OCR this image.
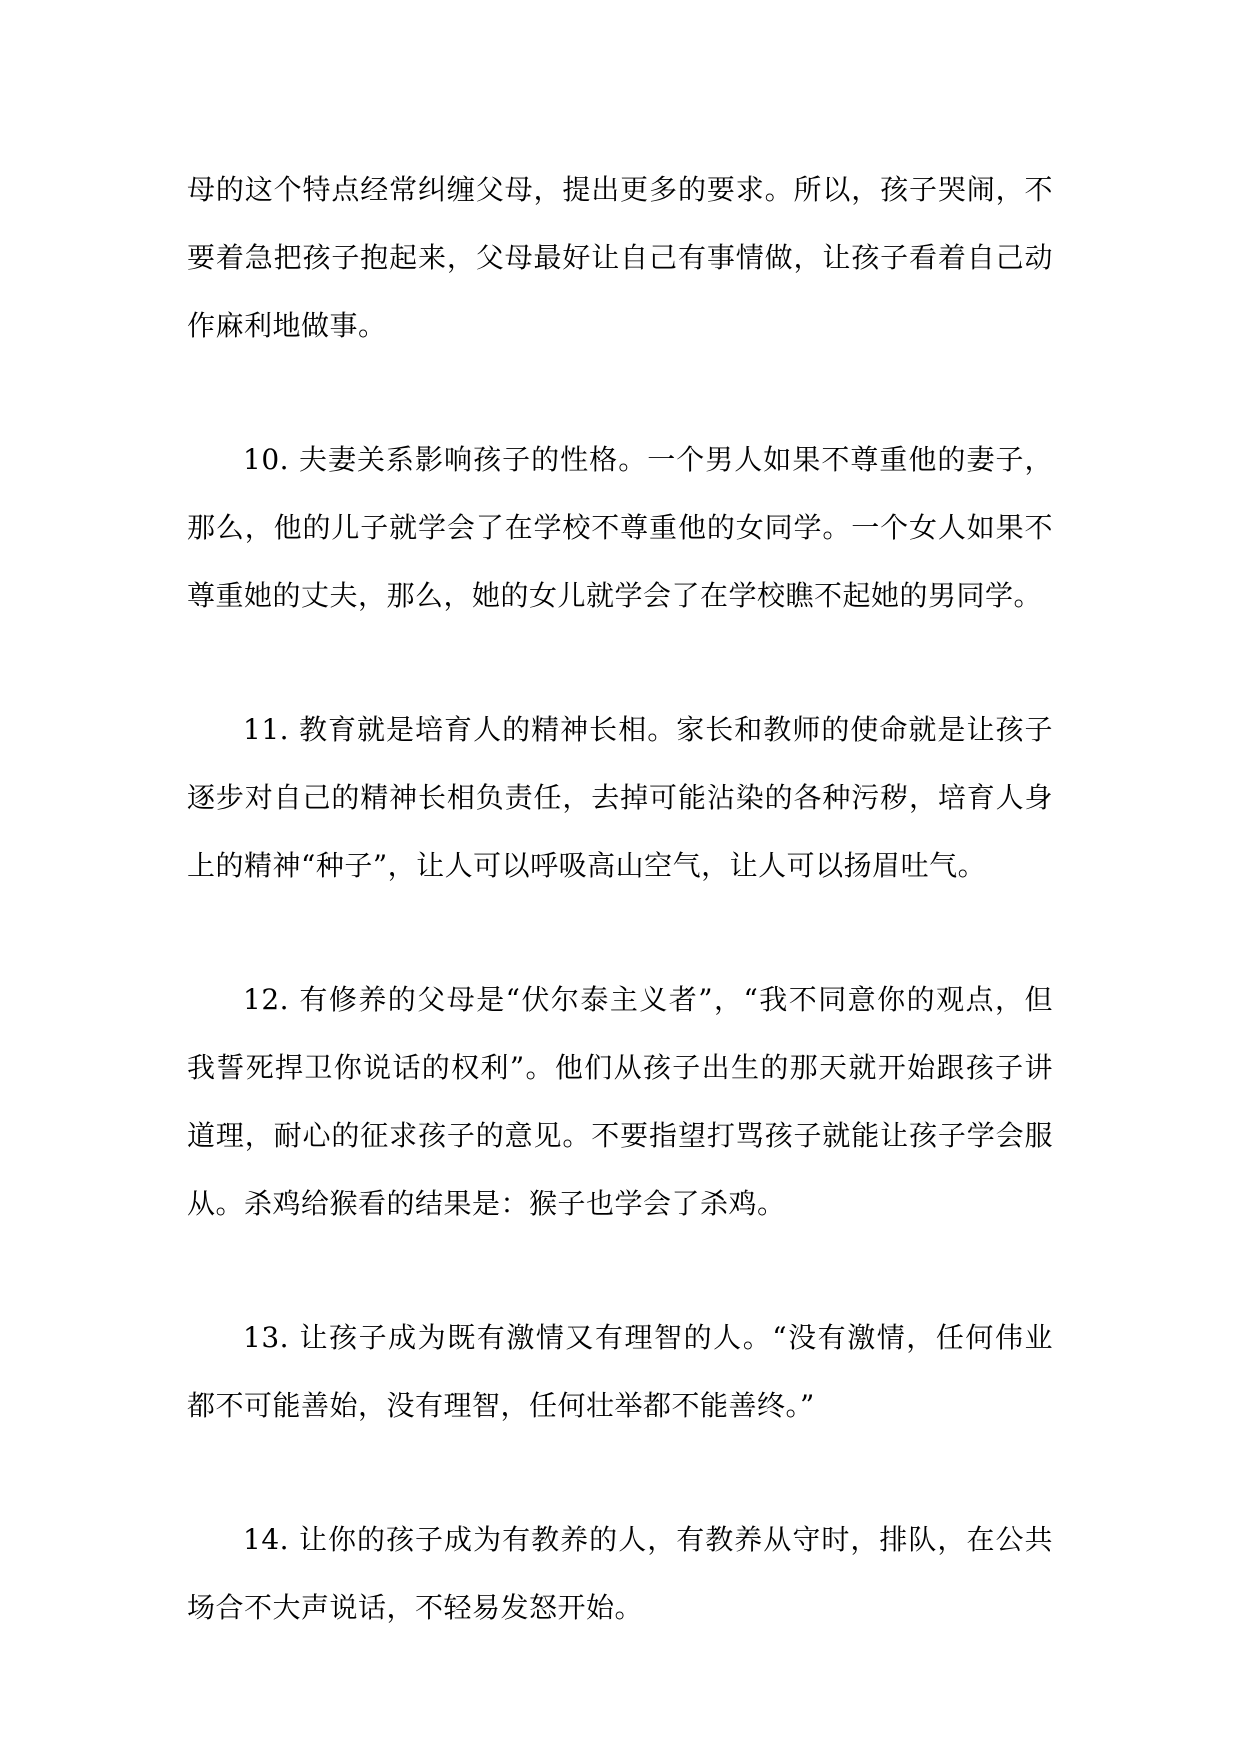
母的这个特点经常纠缠父母，提出更多的要求。所以，孩子哭闹，不要着急把孩子抱起来，父母最好让自己有事情做，让孩子看着自己动作麻利地做事。

10. 夫妻关系影响孩子的性格。一个男人如果不尊重他的妻子，那么，他的儿子就学会了在学校不尊重他的女同学。一个女人如果不尊重她的丈夫，那么，她的女儿就学会了在学校瞧不起她的男同学。

11. 教育就是培育人的精神长相。家长和教师的使命就是让孩子逐步对自己的精神长相负责任，去掉可能沾染的各种污秽，培育人身上的精神“种子”，让人可以呼吸高山空气，让人可以扬眉吐气。

12. 有修养的父母是“伏尔泰主义者”，“我不同意你的观点，但我誓死捍卫你说话的权利”。他们从孩子出生的那天就开始跟孩子讲道理，耐心的征求孩子的意见。不要指望打骂孩子就能让孩子学会服从。杀鸡给猴看的结果是：猴子也学会了杀鸡。

13. 让孩子成为既有激情又有理智的人。“没有激情，任何伟业都不可能善始，没有理智，任何壮举都不能善终。”

14. 让你的孩子成为有教养的人，有教养从守时，排队，在公共场合不大声说话，不轻易发怒开始。
